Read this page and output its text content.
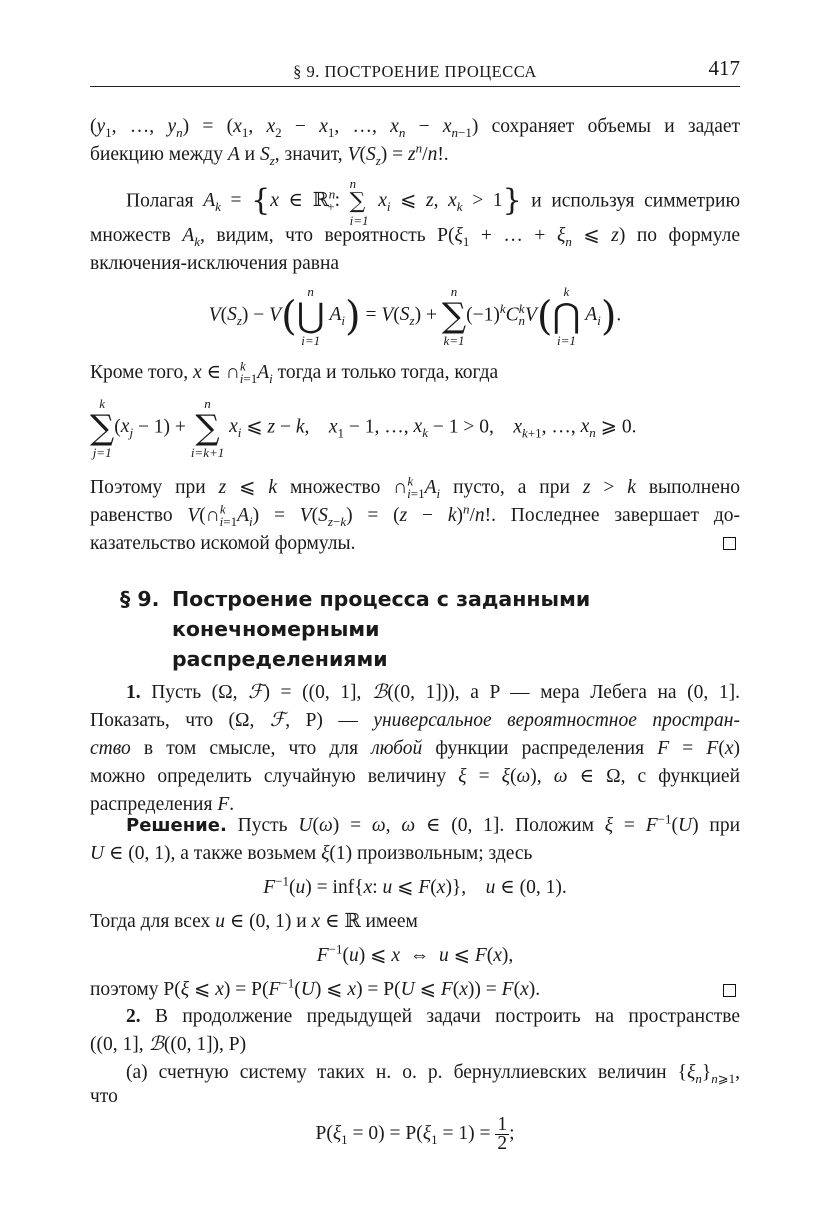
§ 9. ПОСТРОЕНИЕ ПРОЦЕССА	417

($y_1$, …, $y_n) = (x_1$, $x_2 - x_1$, …, $x_n - x_{n-1}$) сохраняет объемы и задает

биекцию между A и $S_z$, значит, $V(S_z) = z^n/n$!.

Полагая $A_k = \{x$ ∈ ℝ$^n_+$:
n
∑
i=1
$x_i$ ⩽ z, $x_k > 1$} и используя симметрию

множеств $A_k$, видим, что вероятность $P(\xi_1$ + … + $\xi_n$ ⩽ z) по формуле

включения-исключения равна

$V(S_z) - V$(
n
⋃
i=1
$A_i) = V(S_z)$ +
n
∑
k=1
$(-1)^kC^k_nV$(
k
⋂
i=1
$A_i$).

Кроме того, x ∈ $\cap^k_{i=1}A_i$ тогда и только тогда, когда

k
∑
j=1
$(x_j - 1)$ +
n
∑
i=k+1
$x_i$ ⩽ z − k,    $x_1 - 1$, …, $x_k - 1 > 0$,    $x_{k+1}$, …, $x_n$ ⩾ 0.

Поэтому при z ⩽ k множество $\cap^k_{i=1}A_i$ пусто, а при z > k выполнено

равенство $V(\cap^k_{i=1}A_i) = V(S_{z-k}) = (z - k)^n/n$!. Последнее завершает до-

казательство искомой формулы.

§ 9. Построение процесса с заданными конечномерными
распределениями

1. Пусть (Ω, ℱ) = ((0, 1], ℬ((0, 1])), а P — мера Лебега на (0, 1].

Показать, что (Ω, ℱ, P) — универсальное вероятностное простран-

ство в том смысле, что для любой функции распределения F = F(x)

можно определить случайную величину ξ = ξ(ω), ω ∈ Ω, с функцией

распределения F.

Решение. Пусть U(ω) = ω, ω ∈ (0, 1]. Положим $\xi = F^{-1}(U)$ при

U ∈ (0, 1), а также возьмем ξ(1) произвольным; здесь

$F^{-1}(u) = inf\{x$: u ⩽ F(x)},    u ∈ (0, 1).

Тогда для всех u ∈ (0, 1) и x ∈ ℝ имеем

$F^{-1}(u)$ ⩽ x  ⇔  u ⩽ F(x),

поэтому P(ξ ⩽ $x) = P(F^{-1}(U)$ ⩽ x) = P(U ⩽ F(x)) = F(x).

2. В продолжение предыдущей задачи построить на пространстве

((0, 1], ℬ((0, 1]), P)

(a) счетную систему таких н. о. р. бернуллиевских величин $\{\xi_n\}_{n⩾1}$,

что

$P(\xi_1 = 0) = P(\xi_1 = 1) = \frac{1}{2}$ ;
